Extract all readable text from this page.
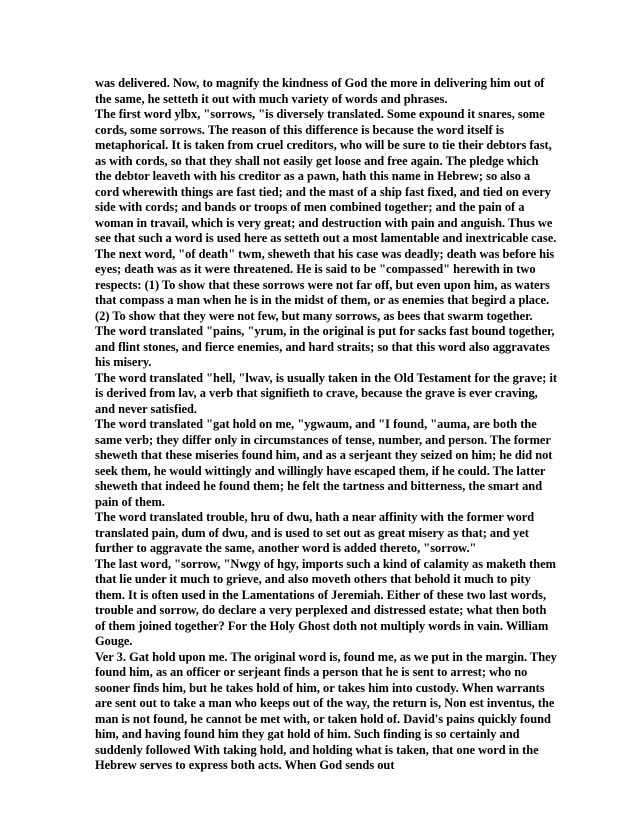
was delivered. Now, to magnify the kindness of God the more in delivering him out of the same, he setteth it out with much variety of words and phrases.

The first word ylbx, "sorrows, "is diversely translated. Some expound it snares, some cords, some sorrows. The reason of this difference is because the word itself is metaphorical. It is taken from cruel creditors, who will be sure to tie their debtors fast, as with cords, so that they shall not easily get loose and free again. The pledge which the debtor leaveth with his creditor as a pawn, hath this name in Hebrew; so also a cord wherewith things are fast tied; and the mast of a ship fast fixed, and tied on every side with cords; and bands or troops of men combined together; and the pain of a woman in travail, which is very great; and destruction with pain and anguish. Thus we see that such a word is used here as setteth out a most lamentable and inextricable case.

The next word, "of death" twm, sheweth that his case was deadly; death was before his eyes; death was as it were threatened. He is said to be "compassed" herewith in two respects: (1) To show that these sorrows were not far off, but even upon him, as waters that compass a man when he is in the midst of them, or as enemies that begird a place. (2) To show that they were not few, but many sorrows, as bees that swarm together.

The word translated "pains, "yrum, in the original is put for sacks fast bound together, and flint stones, and fierce enemies, and hard straits; so that this word also aggravates his misery.

The word translated "hell, "lwav, is usually taken in the Old Testament for the grave; it is derived from lav, a verb that signifieth to crave, because the grave is ever craving, and never satisfied.

The word translated "gat hold on me, "ygwaum, and "I found, "auma, are both the same verb; they differ only in circumstances of tense, number, and person. The former sheweth that these miseries found him, and as a serjeant they seized on him; he did not seek them, he would wittingly and willingly have escaped them, if he could. The latter sheweth that indeed he found them; he felt the tartness and bitterness, the smart and pain of them.

The word translated trouble, hru of dwu, hath a near affinity with the former word translated pain, dum of dwu, and is used to set out as great misery as that; and yet further to aggravate the same, another word is added thereto, "sorrow."

The last word, "sorrow, "Nwgy of hgy, imports such a kind of calamity as maketh them that lie under it much to grieve, and also moveth others that behold it much to pity them. It is often used in the Lamentations of Jeremiah. Either of these two last words, trouble and sorrow, do declare a very perplexed and distressed estate; what then both of them joined together? For the Holy Ghost doth not multiply words in vain. William Gouge.

Ver 3. Gat hold upon me. The original word is, found me, as we put in the margin. They found him, as an officer or serjeant finds a person that he is sent to arrest; who no sooner finds him, but he takes hold of him, or takes him into custody. When warrants are sent out to take a man who keeps out of the way, the return is, Non est inventus, the man is not found, he cannot be met with, or taken hold of. David's pains quickly found him, and having found him they gat hold of him. Such finding is so certainly and suddenly followed With taking hold, and holding what is taken, that one word in the Hebrew serves to express both acts. When God sends out
